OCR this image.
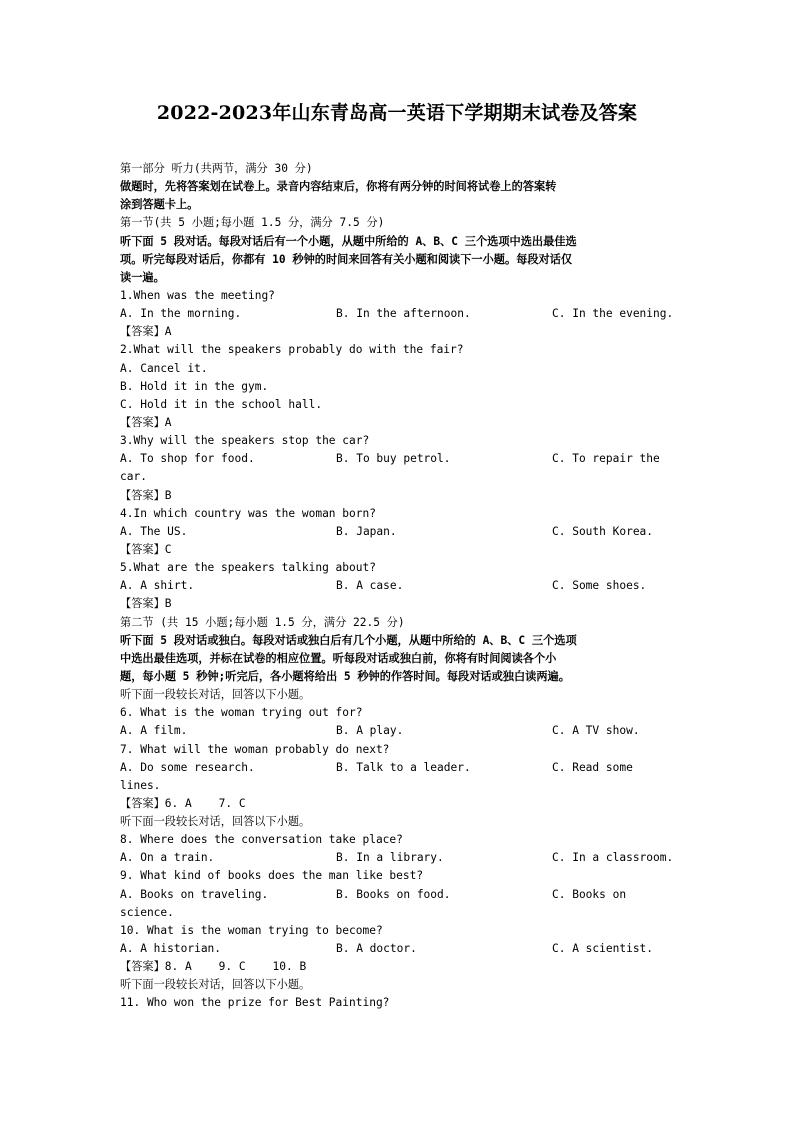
2022-2023年山东青岛高一英语下学期期末试卷及答案
第一部分 听力(共两节，满分 30 分)
做题时，先将答案划在试卷上。录音内容结束后，你将有两分钟的时间将试卷上的答案转
涂到答题卡上。
第一节(共 5 小题;每小题 1.5 分，满分 7.5 分)
听下面 5 段对话。每段对话后有一个小题，从题中所给的 A、B、C 三个选项中选出最佳选
项。听完每段对话后，你都有 10 秒钟的时间来回答有关小题和阅读下一小题。每段对话仅
读一遍。
1.When was the meeting?
A. In the morning.	B. In the afternoon.	C. In the evening.
【答案】A
2.What will the speakers probably do with the fair?
A. Cancel it.
B. Hold it in the gym.
C. Hold it in the school hall.
【答案】A
3.Why will the speakers stop the car?
A. To shop for food.	B. To buy petrol.	C. To repair the
car.
【答案】B
4.In which country was the woman born?
A. The US.	B. Japan.	C. South Korea.
【答案】C
5.What are the speakers talking about?
A. A shirt.	B. A case.	C. Some shoes.
【答案】B
第二节 (共 15 小题;每小题 1.5 分，满分 22.5 分)
听下面 5 段对话或独白。每段对话或独白后有几个小题，从题中所给的 A、B、C 三个选项
中选出最佳选项，并标在试卷的相应位置。听每段对话或独白前，你将有时间阅读各个小
题，每小题 5 秒钟;听完后，各小题将给出 5 秒钟的作答时间。每段对话或独白读两遍。
听下面一段较长对话，回答以下小题。
6. What is the woman trying out for?
A. A film.	B. A play.	C. A TV show.
7. What will the woman probably do next?
A. Do some research.	B. Talk to a leader.	C. Read some
lines.
【答案】6. A    7. C
听下面一段较长对话，回答以下小题。
8. Where does the conversation take place?
A. On a train.	B. In a library.	C. In a classroom.
9. What kind of books does the man like best?
A. Books on traveling.	B. Books on food.	C. Books on
science.
10. What is the woman trying to become?
A. A historian.	B. A doctor.	C. A scientist.
【答案】8. A    9. C    10. B
听下面一段较长对话，回答以下小题。
11. Who won the prize for Best Painting?
